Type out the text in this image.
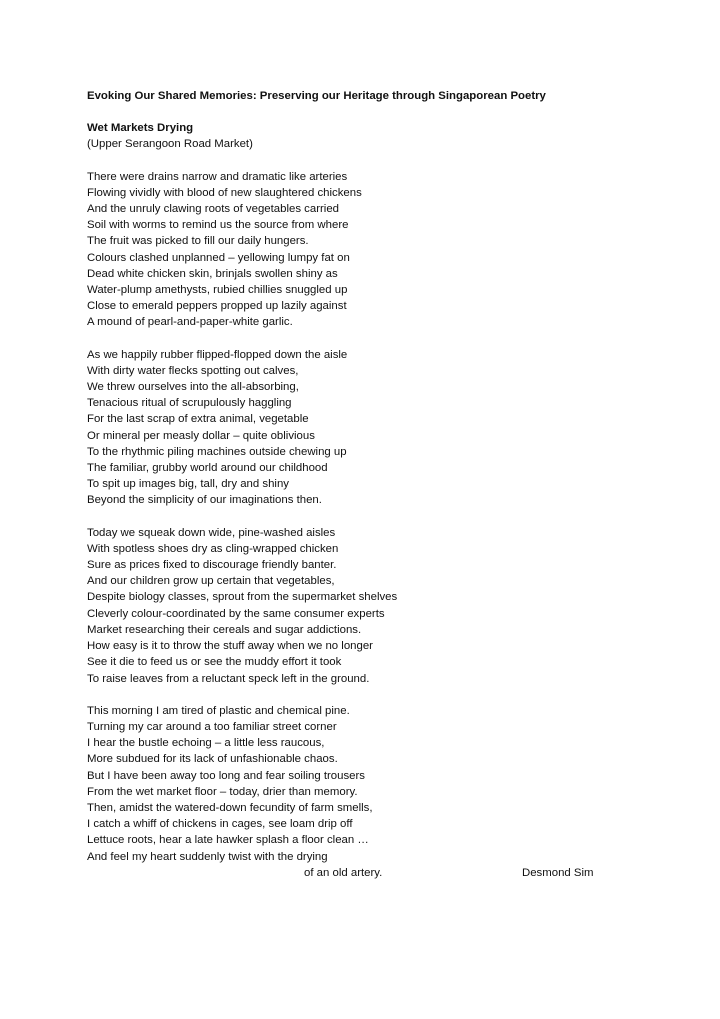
Evoking Our Shared Memories: Preserving our Heritage through Singaporean Poetry
Wet Markets Drying
(Upper Serangoon Road Market)
There were drains narrow and dramatic like arteries
Flowing vividly with blood of new slaughtered chickens
And the unruly clawing roots of vegetables carried
Soil with worms to remind us the source from where
The fruit was picked to fill our daily hungers.
Colours clashed unplanned – yellowing lumpy fat on
Dead white chicken skin, brinjals swollen shiny as
Water-plump amethysts, rubied chillies snuggled up
Close to emerald peppers propped up lazily against
A mound of pearl-and-paper-white garlic.
As we happily rubber flipped-flopped down the aisle
With dirty water flecks spotting out calves,
We threw ourselves into the all-absorbing,
Tenacious ritual of scrupulously haggling
For the last scrap of extra animal, vegetable
Or mineral per measly dollar – quite oblivious
To the rhythmic piling machines outside chewing up
The familiar, grubby world around our childhood
To spit up images big, tall, dry and shiny
Beyond the simplicity of our imaginations then.
Today we squeak down wide, pine-washed aisles
With spotless shoes dry as cling-wrapped chicken
Sure as prices fixed to discourage friendly banter.
And our children grow up certain that vegetables,
Despite biology classes, sprout from the supermarket shelves
Cleverly colour-coordinated by the same consumer experts
Market researching their cereals and sugar addictions.
How easy is it to throw the stuff away when we no longer
See it die to feed us or see the muddy effort it took
To raise leaves from a reluctant speck left in the ground.
This morning I am tired of plastic and chemical pine.
Turning my car around a too familiar street corner
I hear the bustle echoing – a little less raucous,
More subdued for its lack of unfashionable chaos.
But I have been away too long and fear soiling trousers
From the wet market floor – today, drier than memory.
Then, amidst the watered-down fecundity of farm smells,
I catch a whiff of chickens in cages, see loam drip off
Lettuce roots, hear a late hawker splash a floor clean …
And feel my heart suddenly twist with the drying
of an old artery.	Desmond Sim
